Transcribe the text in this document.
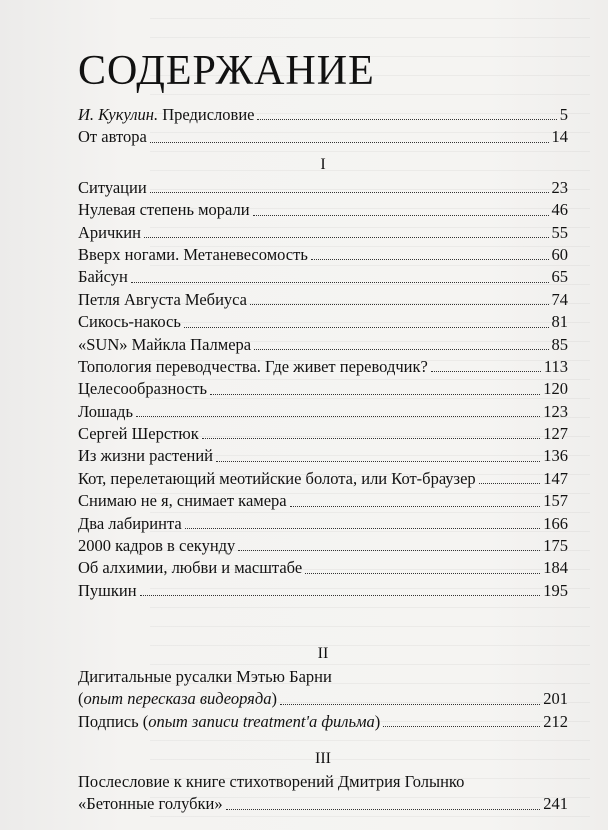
СОДЕРЖАНИЕ
И. Кукулин. Предисловие	5
От автора	14
I
Ситуации	23
Нулевая степень морали	46
Аричкин	55
Вверх ногами. Метаневесомость	60
Байсун	65
Петля Августа Мебиуса	74
Сикось-накось	81
«SUN» Майкла Палмера	85
Топология переводчества. Где живет переводчик?	113
Целесообразность	120
Лошадь	123
Сергей Шерстюк	127
Из жизни растений	136
Кот, перелетающий меотийские болота, или Кот-браузер	147
Снимаю не я, снимает камера	157
Два лабиринта	166
2000 кадров в секунду	175
Об алхимии, любви и масштабе	184
Пушкин	195
II
Дигитальные русалки Мэтью Барни
(опыт пересказа видеоряда)	201
Подпись (опыт записи treatment'а фильма)	212
III
Послесловие к книге стихотворений Дмитрия Голынко
«Бетонные голубки»	241
